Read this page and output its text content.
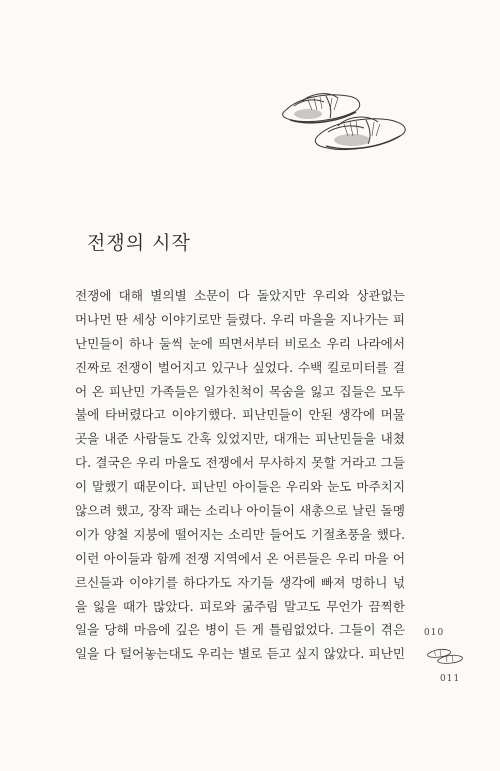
전쟁의 시작
전쟁에 대해 별의별 소문이 다 돌았지만 우리와 상관없는
머나먼 딴 세상 이야기로만 들렸다. 우리 마을을 지나가는 피
난민들이 하나 둘씩 눈에 띄면서부터 비로소 우리 나라에서
진짜로 전쟁이 벌어지고 있구나 싶었다. 수백 킬로미터를 걸
어 온 피난민 가족들은 일가친척이 목숨을 잃고 집들은 모두
불에 타버렸다고 이야기했다. 피난민들이 안된 생각에 머물
곳을 내준 사람들도 간혹 있었지만, 대개는 피난민들을 내쳤
다. 결국은 우리 마을도 전쟁에서 무사하지 못할 거라고 그들
이 말했기 때문이다. 피난민 아이들은 우리와 눈도 마주치지
않으려 했고, 장작 패는 소리나 아이들이 새총으로 날린 돌멩
이가 양철 지붕에 떨어지는 소리만 들어도 기절초풍을 했다.
이런 아이들과 함께 전쟁 지역에서 온 어른들은 우리 마을 어
르신들과 이야기를 하다가도 자기들 생각에 빠져 멍하니 넋
을 잃을 때가 많았다. 피로와 굶주림 말고도 무언가 끔찍한
일을 당해 마음에 깊은 병이 든 게 틀림없었다. 그들이 겪은
일을 다 털어놓는대도 우리는 별로 듣고 싶지 않았다. 피난민
010
011
